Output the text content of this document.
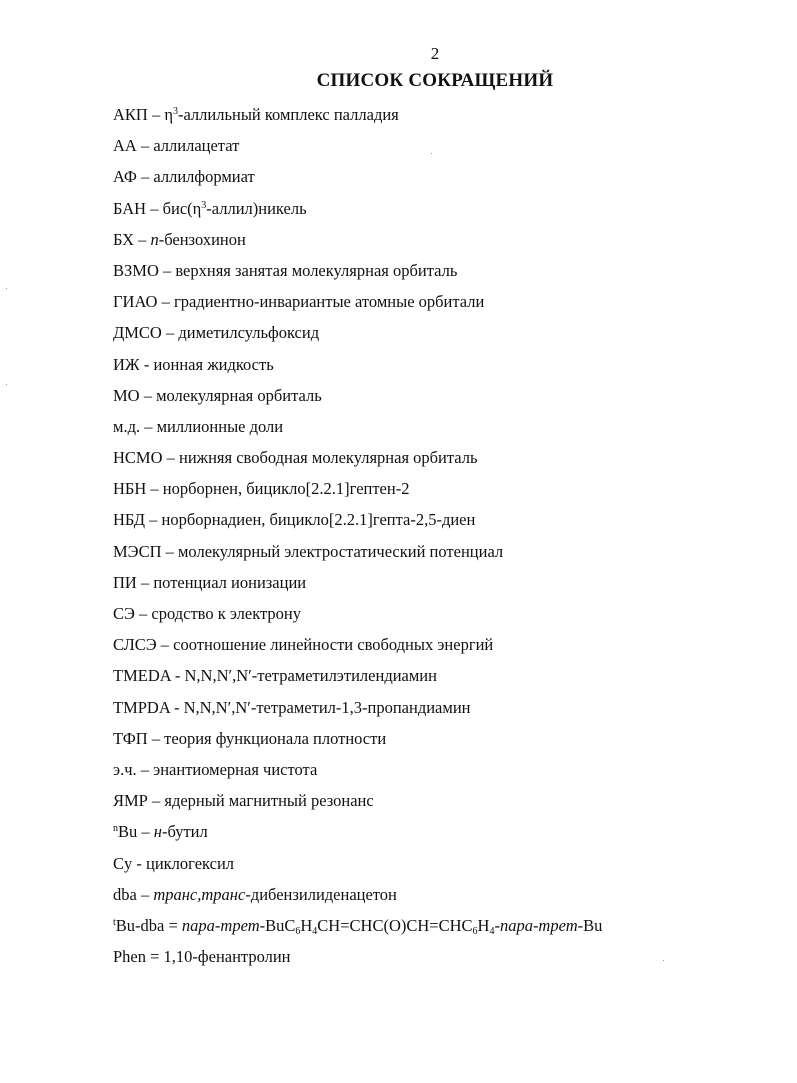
2
СПИСОК СОКРАЩЕНИЙ
АКП – $\eta^3$-аллильный комплекс палладия
АА – аллилацетат
АФ – аллилформиат
БАН – $бис(\eta^3-аллил)никель$
БХ – п-бензохинон
ВЗМО – верхняя занятая молекулярная орбиталь
ГИАО – градиентно-инвариантые атомные орбитали
ДМСО – диметилсульфоксид
ИЖ - ионная жидкость
МО – молекулярная орбиталь
м.д. – миллионные доли
НСМО – нижняя свободная молекулярная орбиталь
НБН – норборнен, бицикло[2.2.1]гептен-2
НБД – норборнадиен, бицикло[2.2.1]гепта-2,5-диен
МЭСП – молекулярный электростатический потенциал
ПИ – потенциал ионизации
СЭ – сродство к электрону
СЛСЭ – соотношение линейности свободных энергий
TMEDA - N,N,N′,N′-тетраметилэтилендиамин
TMPDA - N,N,N′,N′-тетраметил-1,3-пропандиамин
ТФП – теория функционала плотности
э.ч. – энантиомерная чистота
ЯМР – ядерный магнитный резонанс
$^n$Bu – н-бутил
Cy - циклогексил
dba – транс,транс-дибензилиденацетон
$^t$Bu-dba = пара-$трет-BuC_6H_4CH=CHC(O)CH=CHC_6H_4-пара-трет-Bu$
Phen = 1,10-фенантролин
